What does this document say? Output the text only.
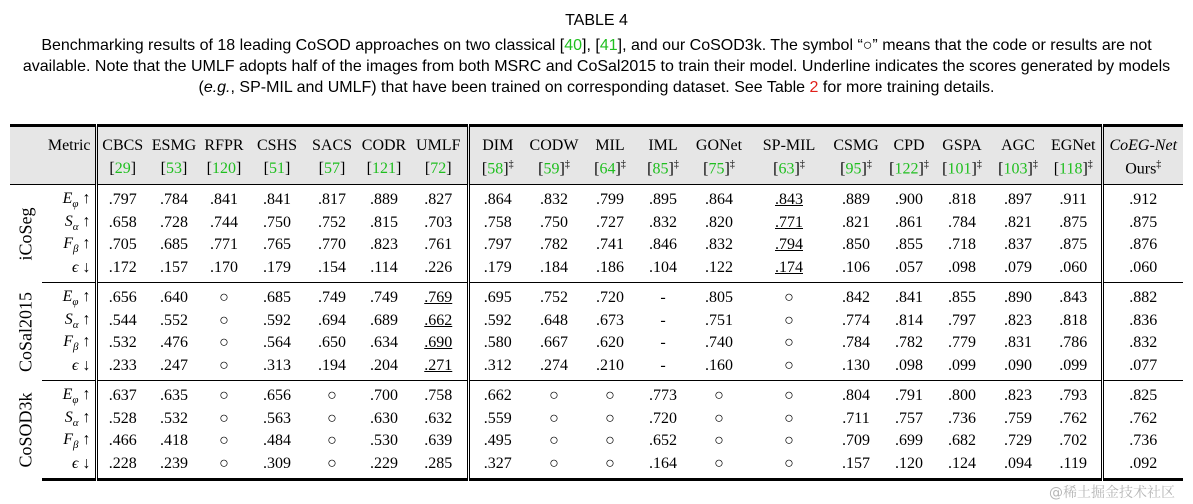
TABLE 4
Benchmarking results of 18 leading CoSOD approaches on two classical [40], [41], and our CoSOD3k. The symbol “○” means that the code or results are not available. Note that the UMLF adopts half of the images from both MSRC and CoSal2015 to train their model. Underline indicates the scores generated by models (e.g., SP-MIL and UMLF) that have been trained on corresponding dataset. See Table 2 for more training details.
Metric		CBCS	ESMG	RFPR	CSHS	SACS	CODR	UMLF	DIM	CODW	MIL	IML	GONet	SP-MIL	CSMG	CPD	GSPA	AGC	EGNet	CoEG-Net
		[29]	[53]	[120]	[51]	[57]	[121]	[72]	[58]‡	[59]‡	[64]‡	[85]‡	[75]‡	[63]‡	[95]‡	[122]‡	[101]‡	[103]‡	[118]‡	Ours‡

iCoSeg	$E_\varphi$ ↑	.797	.784	.841	.841	.817	.889	.827	.864	.832	.799	.895	.864	.843	.889	.900	.818	.897	.911	.912
	$S_\alpha$ ↑	.658	.728	.744	.750	.752	.815	.703	.758	.750	.727	.832	.820	.771	.821	.861	.784	.821	.875	.875
	$F_\beta$ ↑	.705	.685	.771	.765	.770	.823	.761	.797	.782	.741	.846	.832	.794	.850	.855	.718	.837	.875	.876
	ϵ ↓	.172	.157	.170	.179	.154	.114	.226	.179	.184	.186	.104	.122	.174	.106	.057	.098	.079	.060	.060

CoSal2015	$E_\varphi$ ↑	.656	.640	○	.685	.749	.749	.769	.695	.752	.720	-	.805	○	.842	.841	.855	.890	.843	.882
	$S_\alpha$ ↑	.544	.552	○	.592	.694	.689	.662	.592	.648	.673	-	.751	○	.774	.814	.797	.823	.818	.836
	$F_\beta$ ↑	.532	.476	○	.564	.650	.634	.690	.580	.667	.620	-	.740	○	.784	.782	.779	.831	.786	.832
	ϵ ↓	.233	.247	○	.313	.194	.204	.271	.312	.274	.210	-	.160	○	.130	.098	.099	.090	.099	.077

CoSOD3k	$E_\varphi$ ↑	.637	.635	○	.656	○	.700	.758	.662	○	○	.773	○	○	.804	.791	.800	.823	.793	.825
	$S_\alpha$ ↑	.528	.532	○	.563	○	.630	.632	.559	○	○	.720	○	○	.711	.757	.736	.759	.762	.762
	$F_\beta$ ↑	.466	.418	○	.484	○	.530	.639	.495	○	○	.652	○	○	.709	.699	.682	.729	.702	.736
	ϵ ↓	.228	.239	○	.309	○	.229	.285	.327	○	○	.164	○	○	.157	.120	.124	.094	.119	.092
@稀土掘金技术社区
